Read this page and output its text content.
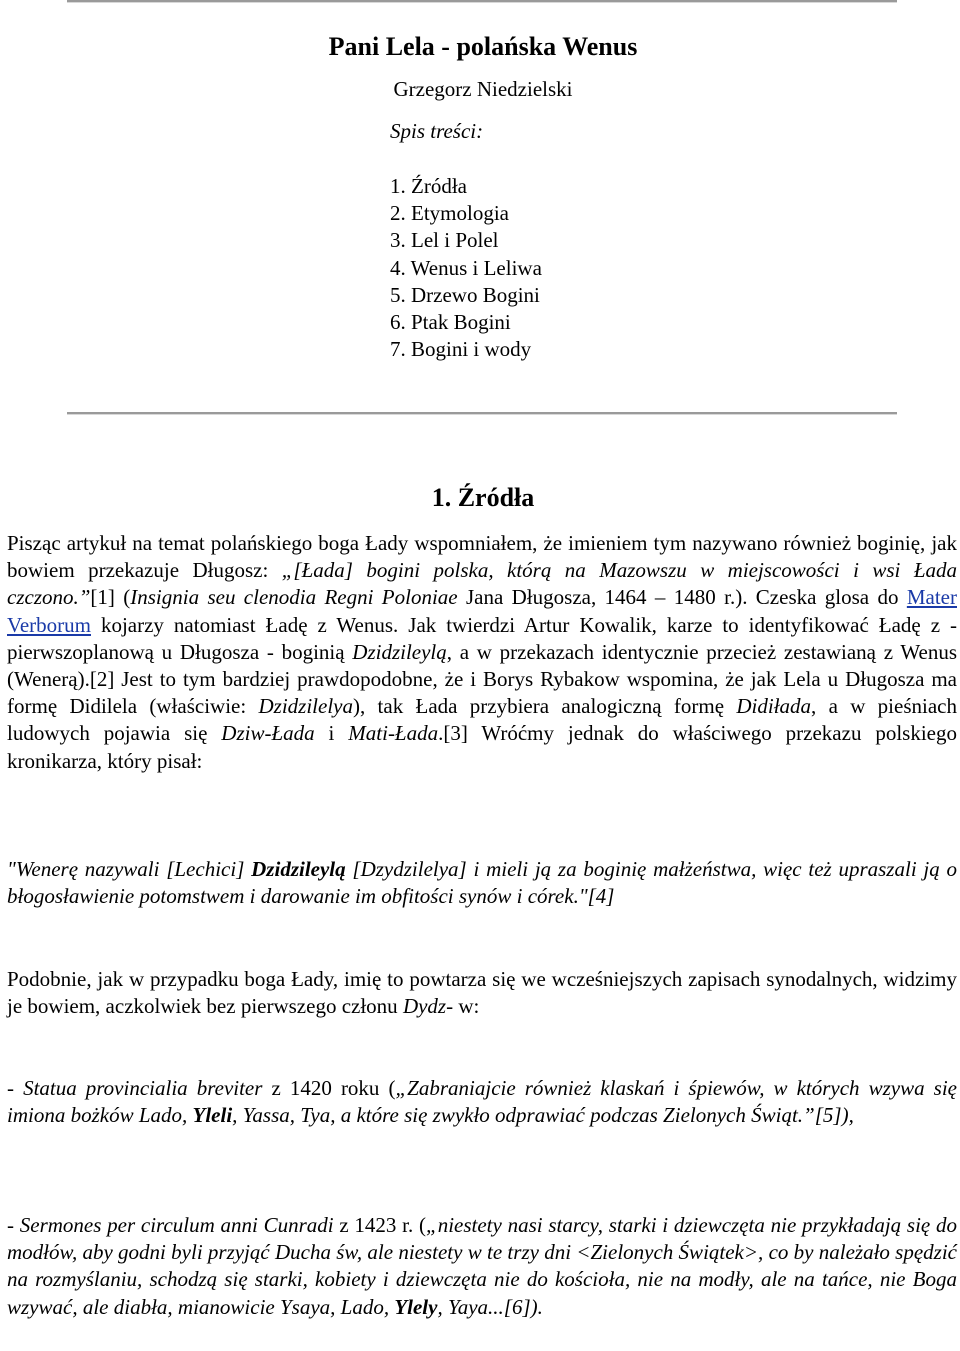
Pani Lela - polańska Wenus
Grzegorz Niedzielski
Spis treści:
1. Źródła
2. Etymologia
3. Lel i Polel
4. Wenus i Leliwa
5. Drzewo Bogini
6. Ptak Bogini
7. Bogini i wody
1. Źródła

Pisząc artykuł na temat polańskiego boga Łady wspomniałem, że imieniem tym nazywano również boginię, jak bowiem przekazuje Długosz: „[Łada] bogini polska, którą na Mazowszu w miejscowości i wsi Łada czczono.”[1] (Insignia seu clenodia Regni Poloniae Jana Długosza, 1464 – 1480 r.). Czeska glosa do Mater Verborum kojarzy natomiast Ładę z Wenus. Jak twierdzi Artur Kowalik, karze to identyfikować Ładę z - pierwszoplanową u Długosza - boginią Dzidzileylą, a w przekazach identycznie przecież zestawianą z Wenus (Wenerą).[2] Jest to tym bardziej prawdopodobne, że i Borys Rybakow wspomina, że jak Lela u Długosza ma formę Didilela (właściwie: Dzidzilelya), tak Łada przybiera analogiczną formę Didiłada, a w pieśniach ludowych pojawia się Dziw-Łada i Mati-Łada.[3] Wróćmy jednak do właściwego przekazu polskiego kronikarza, który pisał:

"Wenerę nazywali [Lechici] Dzidzileylą [Dzydzilelya] i mieli ją za boginię małżeństwa, więc też upraszali ją o błogosławienie potomstwem i darowanie im obfitości synów i córek."[4]

Podobnie, jak w przypadku boga Łady, imię to powtarza się we wcześniejszych zapisach synodalnych, widzimy je bowiem, aczkolwiek bez pierwszego członu Dydz- w:

- Statua provincialia breviter z 1420 roku („Zabraniajcie również klaskań i śpiewów, w których wzywa się imiona bożków Lado, Yleli, Yassa, Tya, a które się zwykło odprawiać podczas Zielonych Świąt.”[5]),

- Sermones per circulum anni Cunradi z 1423 r. („niestety nasi starcy, starki i dziewczęta nie przykładają się do modłów, aby godni byli przyjąć Ducha św, ale niestety w te trzy dni <Zielonych Świątek>, co by należało spędzić na rozmyślaniu, schodzą się starki, kobiety i dziewczęta nie do kościoła, nie na modły, ale na tańce, nie Boga wzywać, ale diabła, mianowicie Ysaya, Lado, Ylely, Yaya...[6]).
